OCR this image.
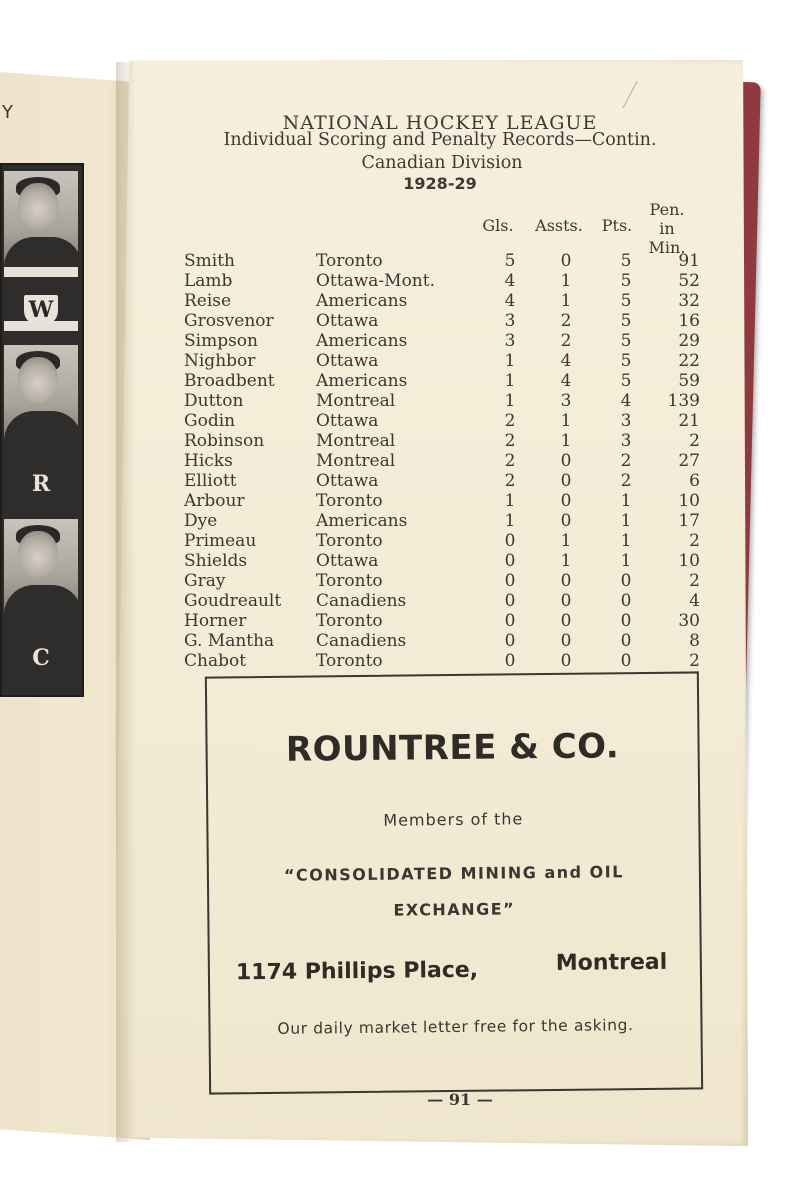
Y
W
R
C
NATIONAL HOCKEY LEAGUE
Individual Scoring and Penalty Records—Contin.
Canadian Division
1928-29
Gls.	Assts.	Pts.
Pen.
in
Min.
Smith	Toronto	5	0	5	91
Lamb	Ottawa-Mont.	4	1	5	52
Reise	Americans	4	1	5	32
Grosvenor	Ottawa	3	2	5	16
Simpson	Americans	3	2	5	29
Nighbor	Ottawa	1	4	5	22
Broadbent	Americans	1	4	5	59
Dutton	Montreal	1	3	4	139
Godin	Ottawa	2	1	3	21
Robinson	Montreal	2	1	3	2
Hicks	Montreal	2	0	2	27
Elliott	Ottawa	2	0	2	6
Arbour	Toronto	1	0	1	10
Dye	Americans	1	0	1	17
Primeau	Toronto	0	1	1	2
Shields	Ottawa	0	1	1	10
Gray	Toronto	0	0	0	2
Goudreault	Canadiens	0	0	0	4
Horner	Toronto	0	0	0	30
G. Mantha	Canadiens	0	0	0	8
Chabot	Toronto	0	0	0	2
ROUNTREE & CO.
Members of the
“CONSOLIDATED MINING and OIL
EXCHANGE”
1174 Phillips Place,	Montreal
Our daily market letter free for the asking.
— 91 —
